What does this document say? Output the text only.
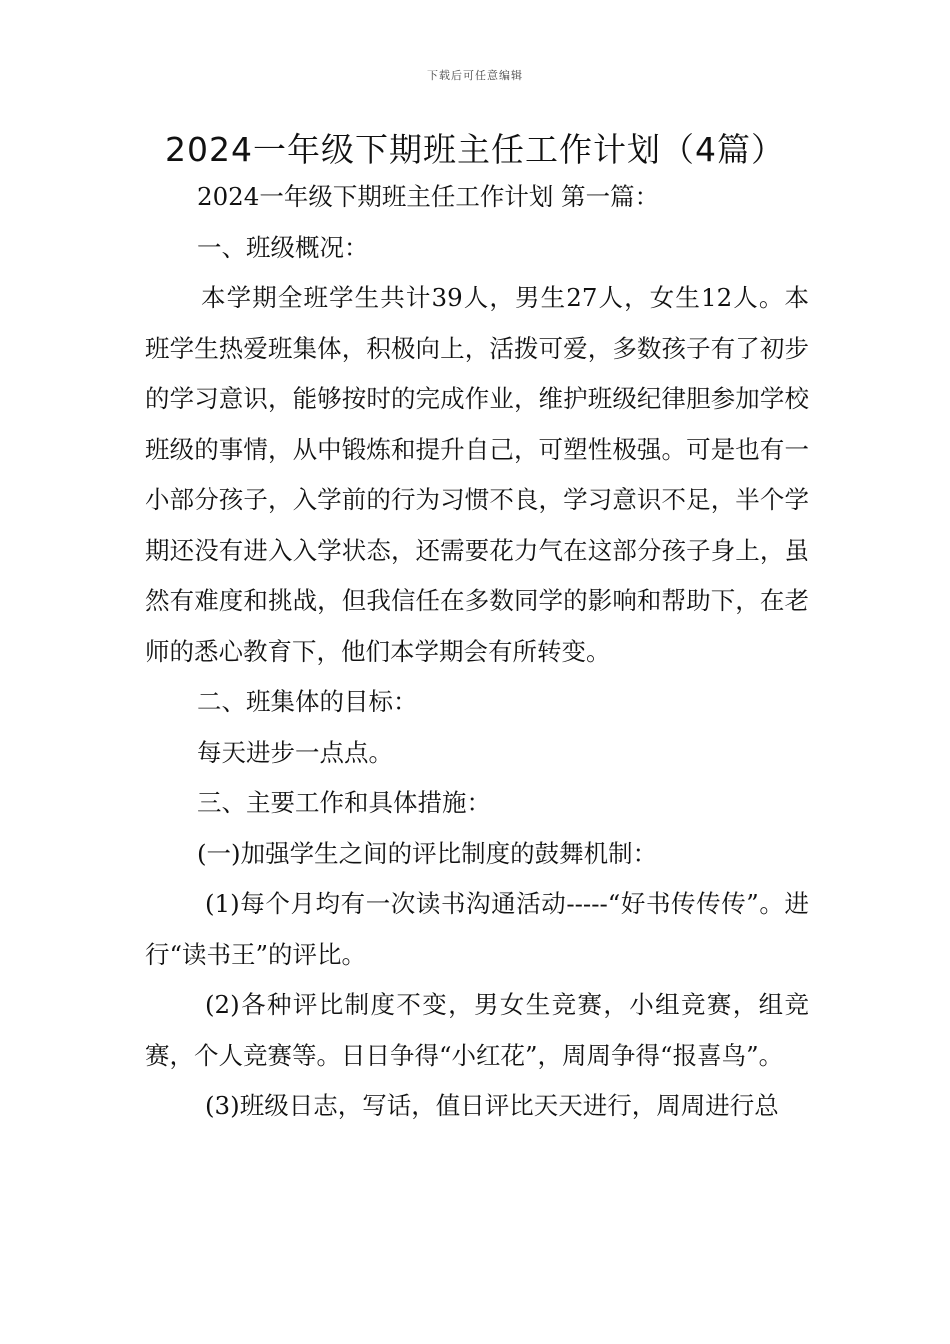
下载后可任意编辑
2024一年级下期班主任工作计划（4篇）

2024一年级下期班主任工作计划 第一篇：

一、班级概况：

本学期全班学生共计39人，男生27人，女生12人。本班学生热爱班集体，积极向上，活拨可爱，多数孩子有了初步的学习意识，能够按时的完成作业，维护班级纪律胆参加学校班级的事情，从中锻炼和提升自己，可塑性极强。可是也有一小部分孩子，入学前的行为习惯不良，学习意识不足，半个学期还没有进入入学状态，还需要花力气在这部分孩子身上，虽然有难度和挑战，但我信任在多数同学的影响和帮助下，在老师的悉心教育下，他们本学期会有所转变。

二、班集体的目标：

每天进步一点点。

三、主要工作和具体措施：

(一)加强学生之间的评比制度的鼓舞机制：

(1)每个月均有一次读书沟通活动-----“好书传传传”。进行“读书王”的评比。

(2)各种评比制度不变，男女生竞赛，小组竞赛，组竞赛，个人竞赛等。日日争得“小红花”，周周争得“报喜鸟”。

(3)班级日志，写话，值日评比天天进行，周周进行总
